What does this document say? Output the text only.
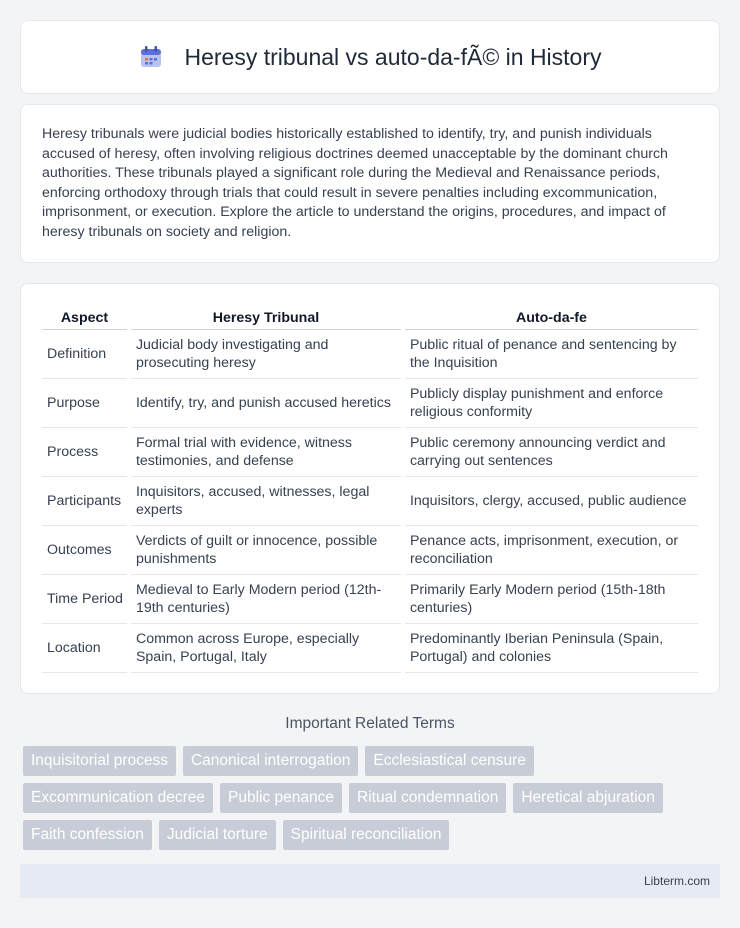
Heresy tribunal vs auto-da-fÃ© in History

Heresy tribunals were judicial bodies historically established to identify, try, and punish individuals accused of heresy, often involving religious doctrines deemed unacceptable by the dominant church authorities. These tribunals played a significant role during the Medieval and Renaissance periods, enforcing orthodoxy through trials that could result in severe penalties including excommunication, imprisonment, or execution. Explore the article to understand the origins, procedures, and impact of heresy tribunals on society and religion.

Aspect	Heresy Tribunal	Auto-da-fe
Definition	Judicial body investigating and prosecuting heresy	Public ritual of penance and sentencing by the Inquisition
Purpose	Identify, try, and punish accused heretics	Publicly display punishment and enforce religious conformity
Process	Formal trial with evidence, witness testimonies, and defense	Public ceremony announcing verdict and carrying out sentences
Participants	Inquisitors, accused, witnesses, legal experts	Inquisitors, clergy, accused, public audience
Outcomes	Verdicts of guilt or innocence, possible punishments	Penance acts, imprisonment, execution, or reconciliation
Time Period	Medieval to Early Modern period (12th-19th centuries)	Primarily Early Modern period (15th-18th centuries)
Location	Common across Europe, especially Spain, Portugal, Italy	Predominantly Iberian Peninsula (Spain, Portugal) and colonies
Important Related Terms
Inquisitorial process	Canonical interrogation	Ecclesiastical censure
Excommunication decree	Public penance	Ritual condemnation	Heretical abjuration
Faith confession	Judicial torture	Spiritual reconciliation
Libterm.com
